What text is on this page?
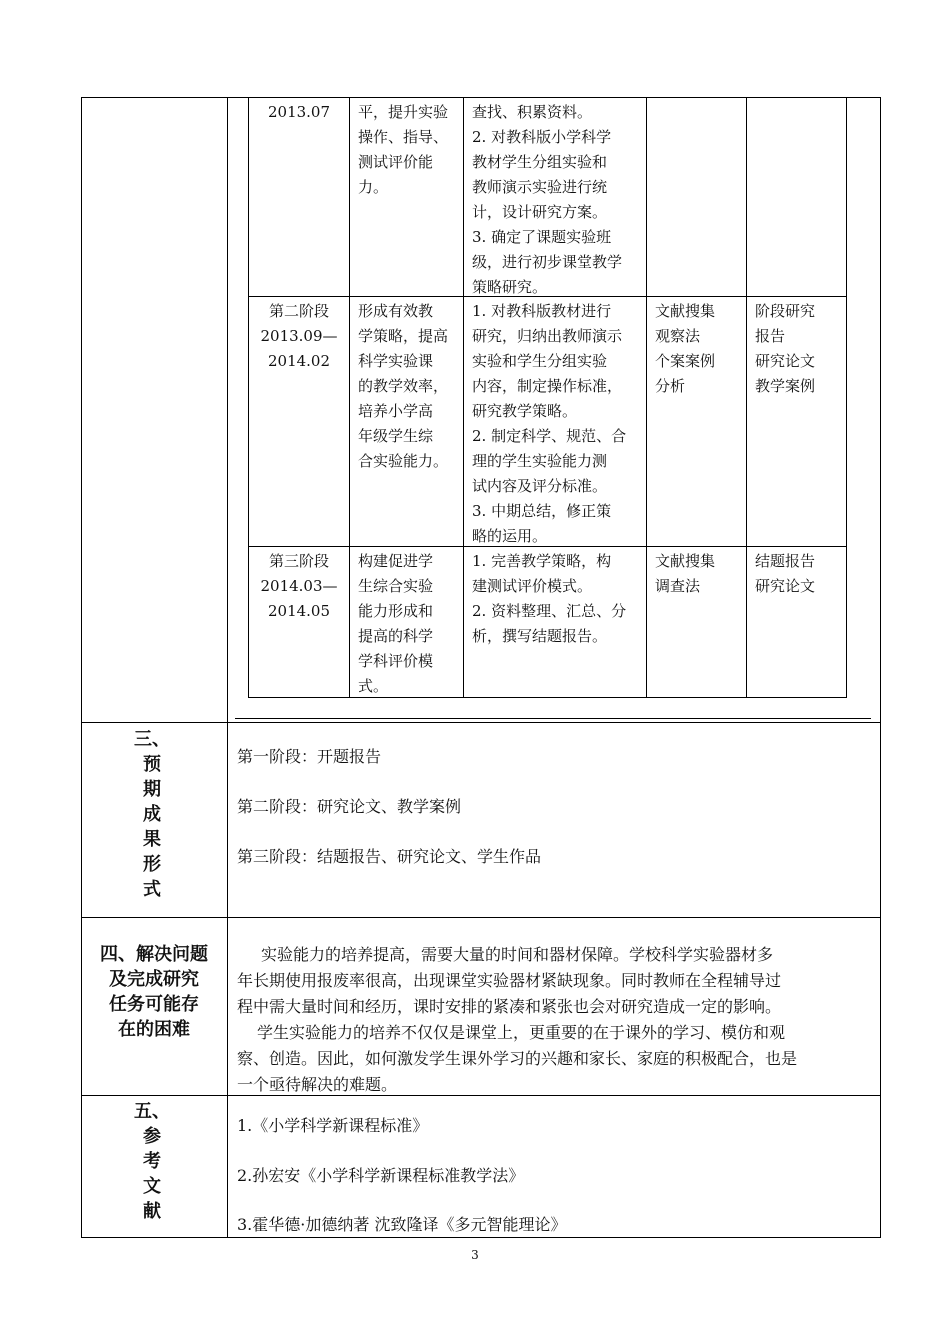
2013.07	平，提升实验
操作、指导、
测试评价能
力。
查找、积累资料。
2. 对教科版小学科学
教材学生分组实验和
教师演示实验进行统
计，设计研究方案。
3. 确定了课题实验班
级，进行初步课堂教学
策略研究。
第二阶段
2013.09—
2014.02
形成有效教
学策略，提高
科学实验课
的教学效率，
培养小学高
年级学生综
合实验能力。
1. 对教科版教材进行
研究，归纳出教师演示
实验和学生分组实验
内容，制定操作标准，
研究教学策略。
2. 制定科学、规范、合
理的学生实验能力测
试内容及评分标准。
3. 中期总结，修正策
略的运用。
文献搜集
观察法
个案案例
分析
阶段研究
报告
研究论文
教学案例
第三阶段
2014.03—
2014.05
构建促进学
生综合实验
能力形成和
提高的科学
学科评价模
式。
1. 完善教学策略，构
建测试评价模式。
2. 资料整理、汇总、分
析，撰写结题报告。
文献搜集
调查法
结题报告
研究论文
三、
预
期
成
果
形
式
第一阶段：开题报告
第二阶段：研究论文、教学案例
第三阶段：结题报告、研究论文、学生作品
四、解决问题
及完成研究
任务可能存
在的困难
实验能力的培养提高，需要大量的时间和器材保障。学校科学实验器材多
年长期使用报废率很高，出现课堂实验器材紧缺现象。同时教师在全程辅导过
程中需大量时间和经历，课时安排的紧凑和紧张也会对研究造成一定的影响。
学生实验能力的培养不仅仅是课堂上，更重要的在于课外的学习、模仿和观
察、创造。因此，如何激发学生课外学习的兴趣和家长、家庭的积极配合，也是
一个亟待解决的难题。
五、
参
考
文
献
1.《小学科学新课程标准》
2.孙宏安《小学科学新课程标准教学法》
3.霍华德·加德纳著 沈致隆译《多元智能理论》
3
